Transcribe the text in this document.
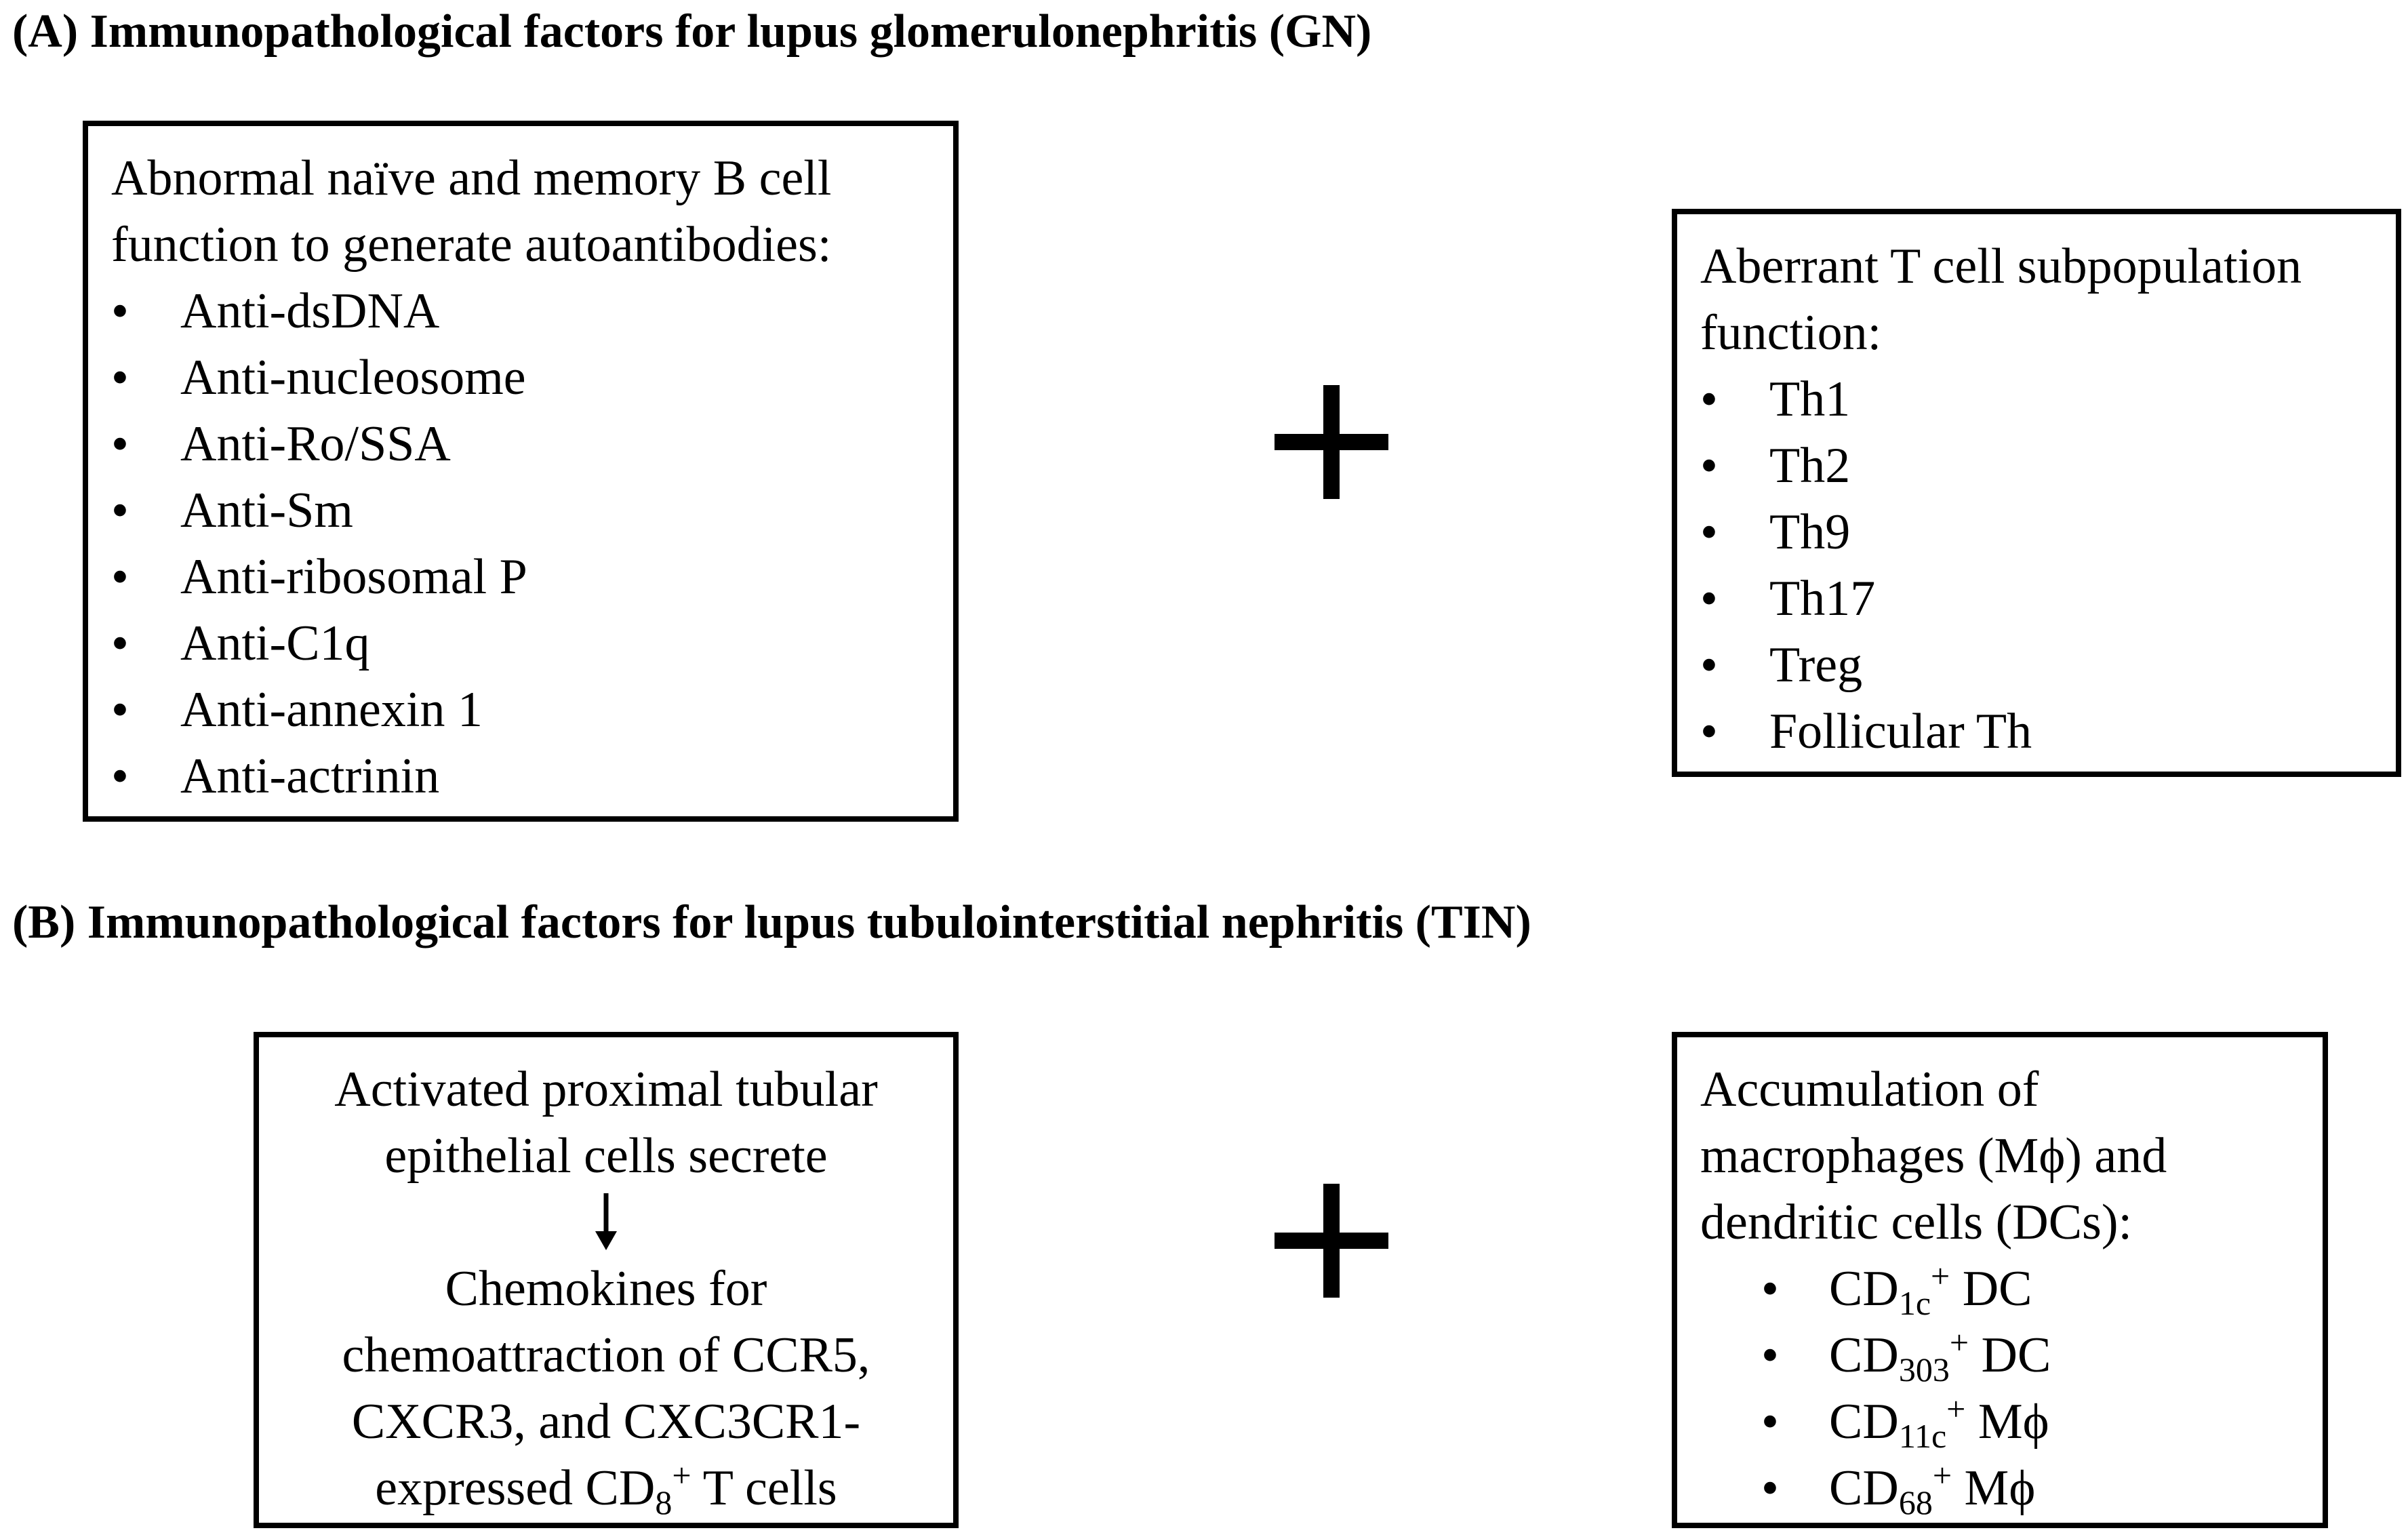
(A) Immunopathological factors for lupus glomerulonephritis (GN)
Abnormal naïve and memory B cell
function to generate autoantibodies:
• Anti-dsDNA
• Anti-nucleosome
• Anti-Ro/SSA
• Anti-Sm
• Anti-ribosomal P
• Anti-C1q
• Anti-annexin 1
• Anti-actrinin
Aberrant T cell subpopulation
function:
• Th1
• Th2
• Th9
• Th17
• Treg
• Follicular Th
(B) Immunopathological factors for lupus tubulointerstitial nephritis (TIN)
Activated proximal tubular
epithelial cells secrete
Chemokines for
chemoattraction of CCR5,
CXCR3, and CXC3CR1-
expressed $CD_8^+$ T cells
Accumulation of
macrophages (Mϕ) and
dendritic cells (DCs):
• $CD_{1c}^+$ DC
• $CD_{303}^+$ DC
• $CD_{11c}^+$ Mϕ
• $CD_{68}^+$ Mϕ
